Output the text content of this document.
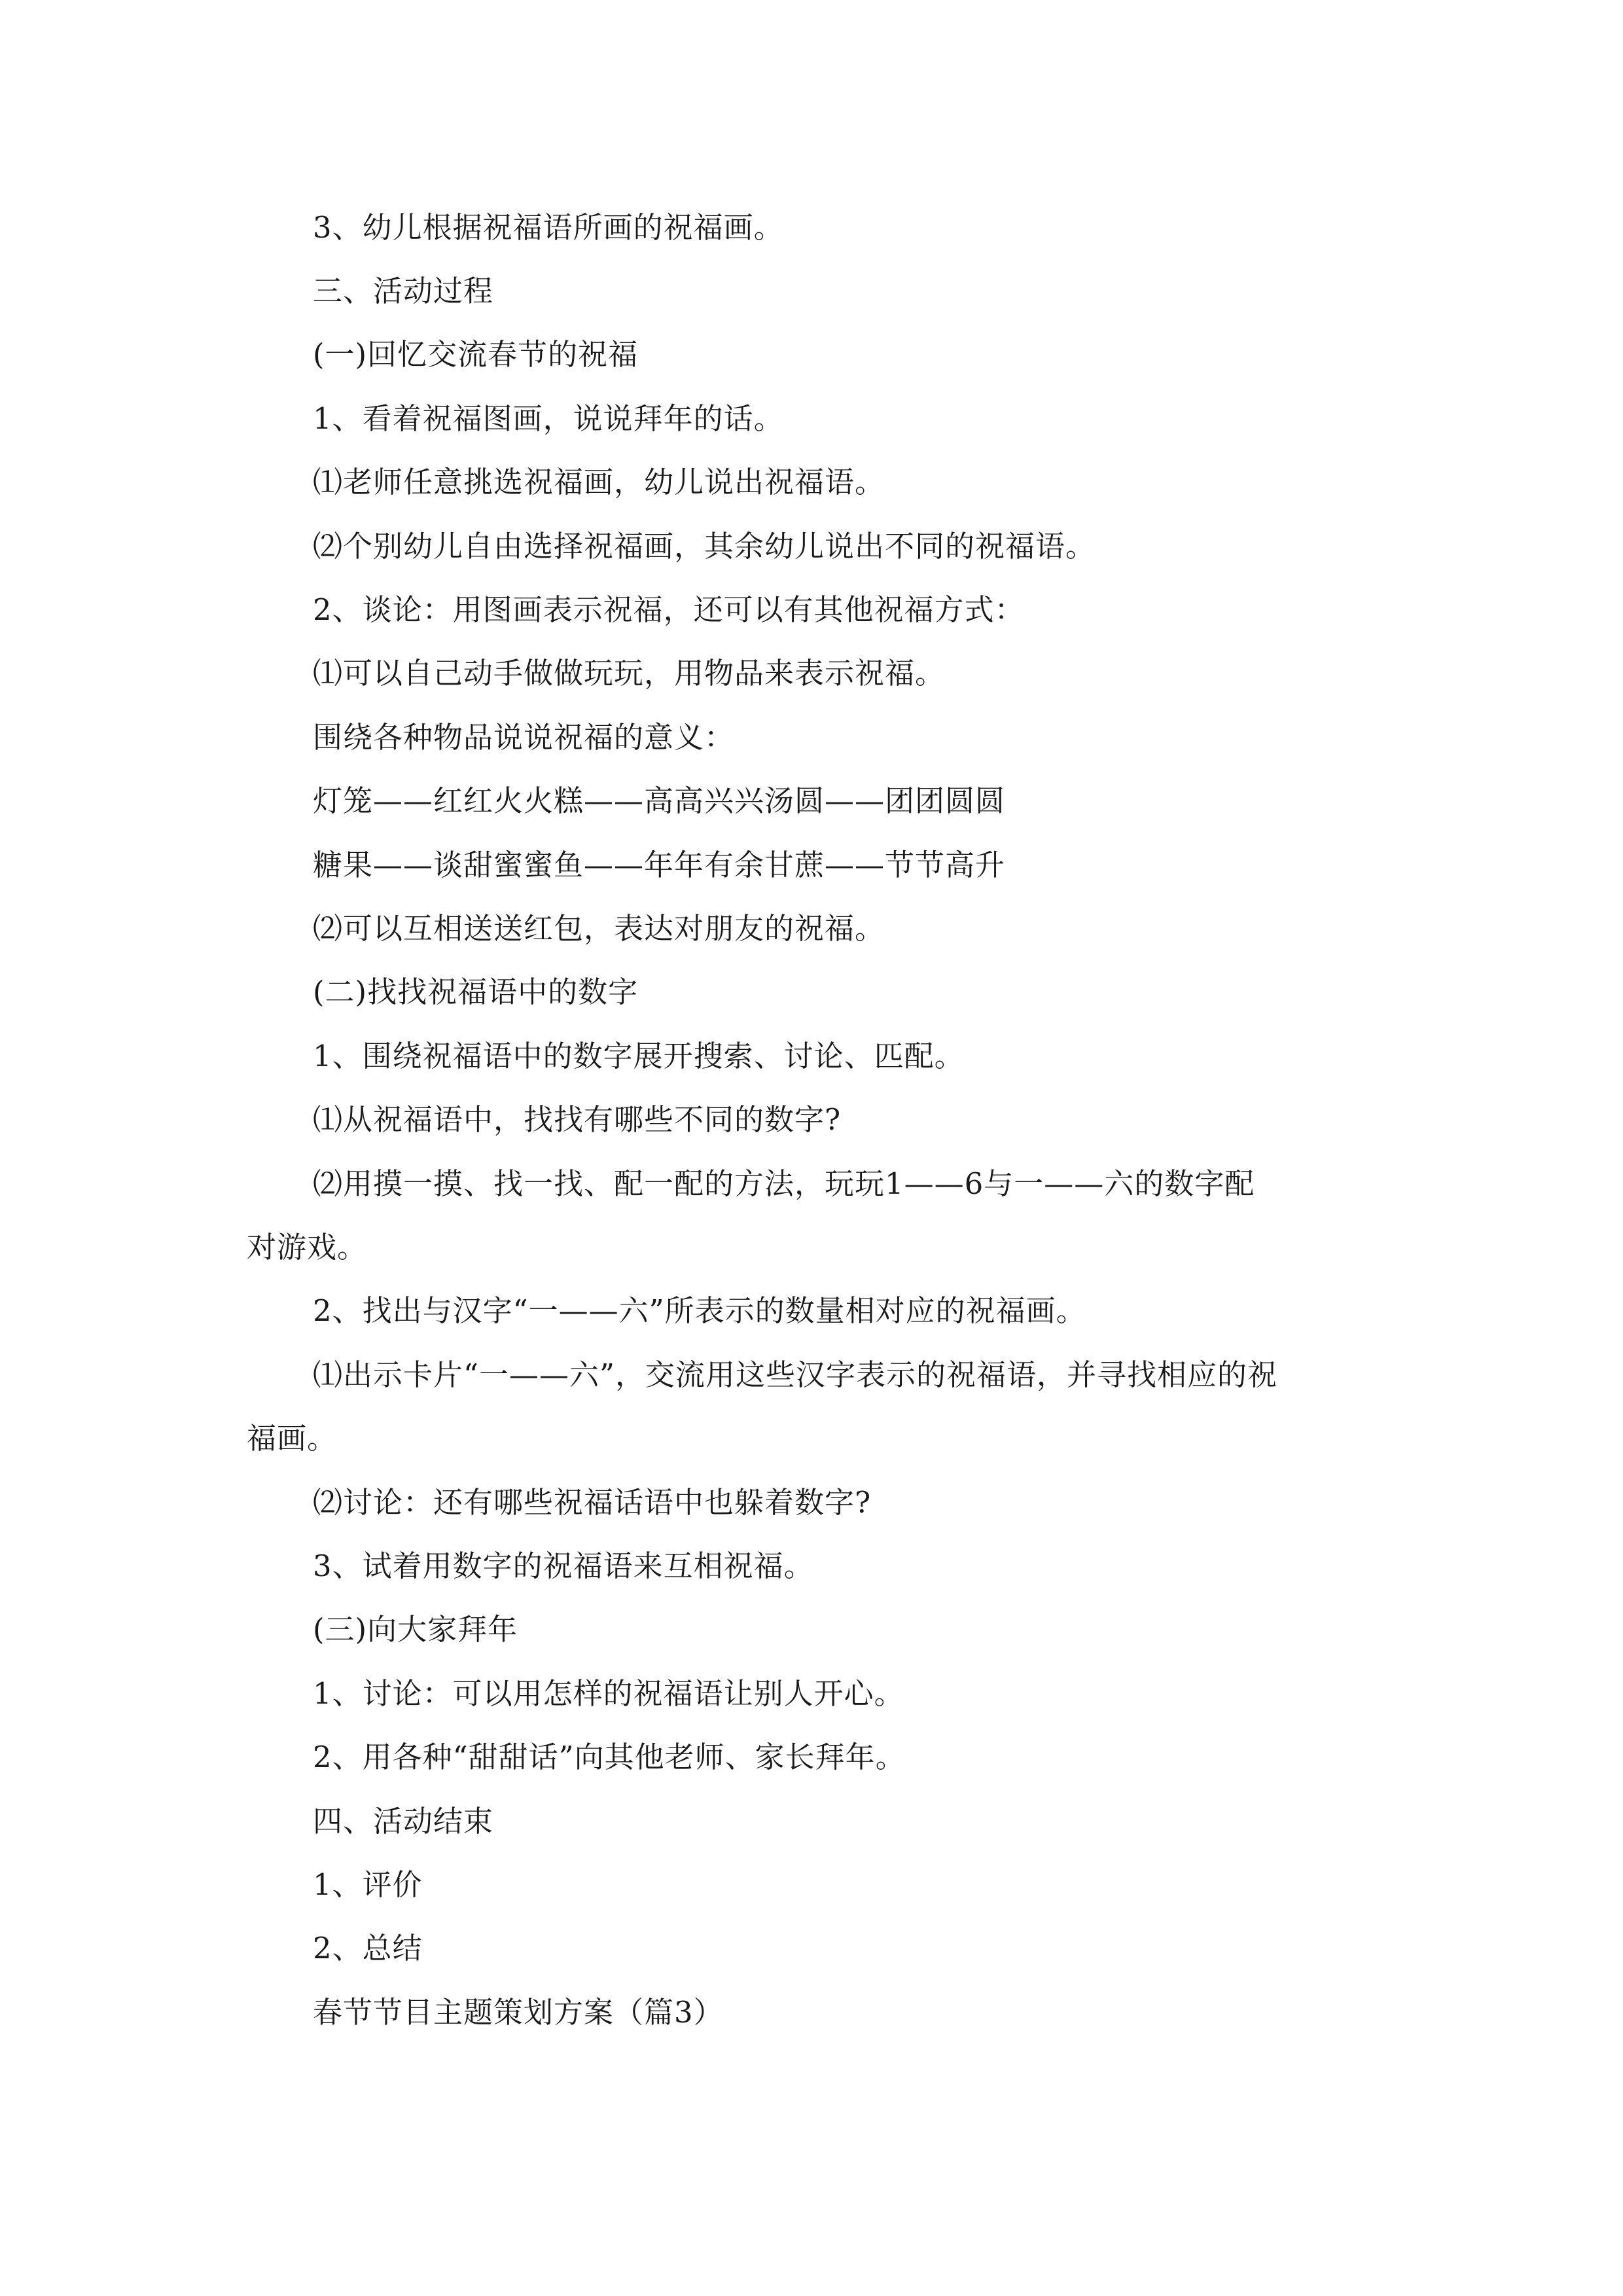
3、幼儿根据祝福语所画的祝福画。
三、活动过程
(一)回忆交流春节的祝福
1、看着祝福图画，说说拜年的话。
⑴老师任意挑选祝福画，幼儿说出祝福语。
⑵个别幼儿自由选择祝福画，其余幼儿说出不同的祝福语。
2、谈论：用图画表示祝福，还可以有其他祝福方式：
⑴可以自己动手做做玩玩，用物品来表示祝福。
围绕各种物品说说祝福的意义：
灯笼——红红火火糕——高高兴兴汤圆——团团圆圆
糖果——谈甜蜜蜜鱼——年年有余甘蔗——节节高升
⑵可以互相送送红包，表达对朋友的祝福。
(二)找找祝福语中的数字
1、围绕祝福语中的数字展开搜索、讨论、匹配。
⑴从祝福语中，找找有哪些不同的数字?
⑵用摸一摸、找一找、配一配的方法，玩玩1——6与一——六的数字配
对游戏。
2、找出与汉字“一——六”所表示的数量相对应的祝福画。
⑴出示卡片“一——六”，交流用这些汉字表示的祝福语，并寻找相应的祝
福画。
⑵讨论：还有哪些祝福话语中也躲着数字?
3、试着用数字的祝福语来互相祝福。
(三)向大家拜年
1、讨论：可以用怎样的祝福语让别人开心。
2、用各种“甜甜话”向其他老师、家长拜年。
四、活动结束
1、评价
2、总结
春节节目主题策划方案（篇3）
